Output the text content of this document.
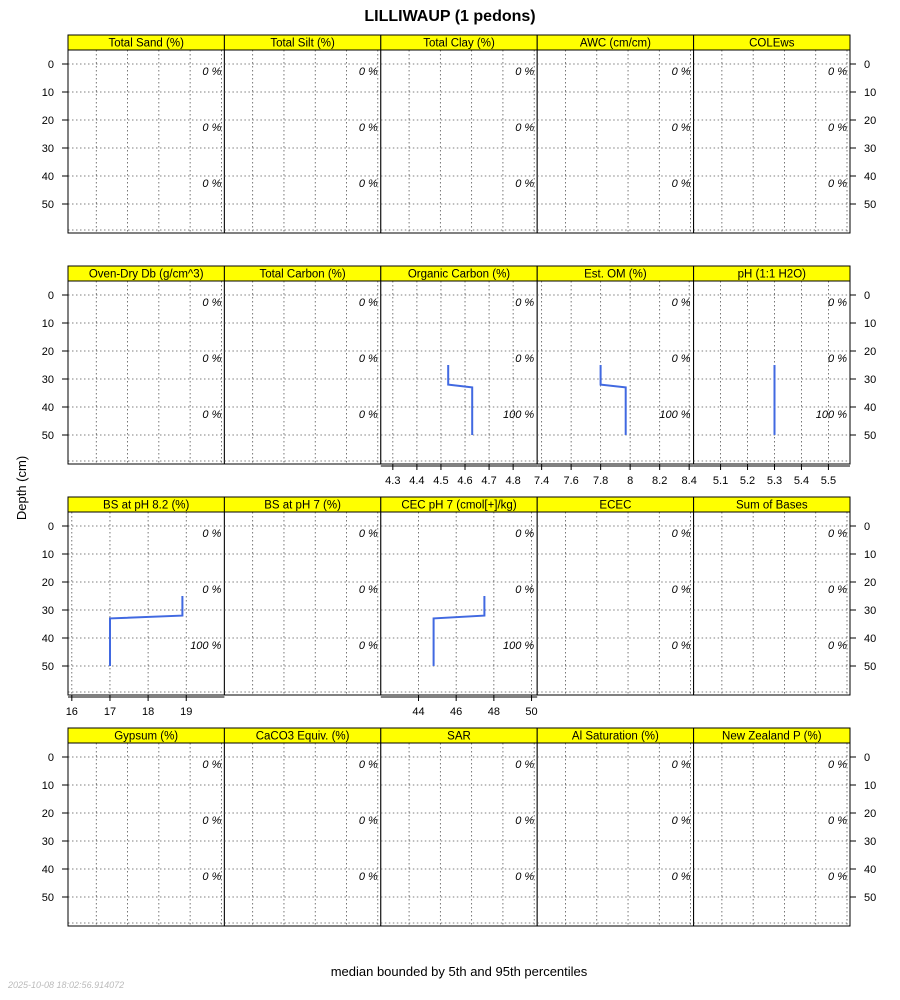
LILLIWAUP (1 pedons)
Depth (cm)
median bounded by 5th and 95th percentiles
0
10
20
30
40
50
0
10
20
30
40
50
Total Sand (%)
0 %
0 %
0 %
Total Silt (%)
0 %
0 %
0 %
Total Clay (%)
0 %
0 %
0 %
AWC (cm/cm)
0 %
0 %
0 %
COLEws
0 %
0 %
0 %
0
10
20
30
40
50
0
10
20
30
40
50
Oven-Dry Db (g/cm^3)
0 %
0 %
0 %
Total Carbon (%)
0 %
0 %
0 %
Organic Carbon (%)
0 %
0 %
100 %
4.3 4.4 4.5 4.6 4.7 4.8
Est. OM (%)
0 %
0 %
100 %
7.4 7.6 7.8 8 8.2 8.4
pH (1:1 H2O)
0 %
0 %
100 %
5.1 5.2 5.3 5.4 5.5
0
10
20
30
40
50
0
10
20
30
40
50
BS at pH 8.2 (%)
0 %
0 %
100 %
16 17 18 19
BS at pH 7 (%)
0 %
0 %
0 %
CEC pH 7 (cmol[+]/kg)
0 %
0 %
100 %
44 46 48 50
ECEC
0 %
0 %
0 %
Sum of Bases
0 %
0 %
0 %
0
10
20
30
40
50
0
10
20
30
40
50
Gypsum (%)
0 %
0 %
0 %
CaCO3 Equiv. (%)
0 %
0 %
0 %
SAR
0 %
0 %
0 %
Al Saturation (%)
0 %
0 %
0 %
New Zealand P (%)
0 %
0 %
0 %
2025-10-08 18:02:56.914072
